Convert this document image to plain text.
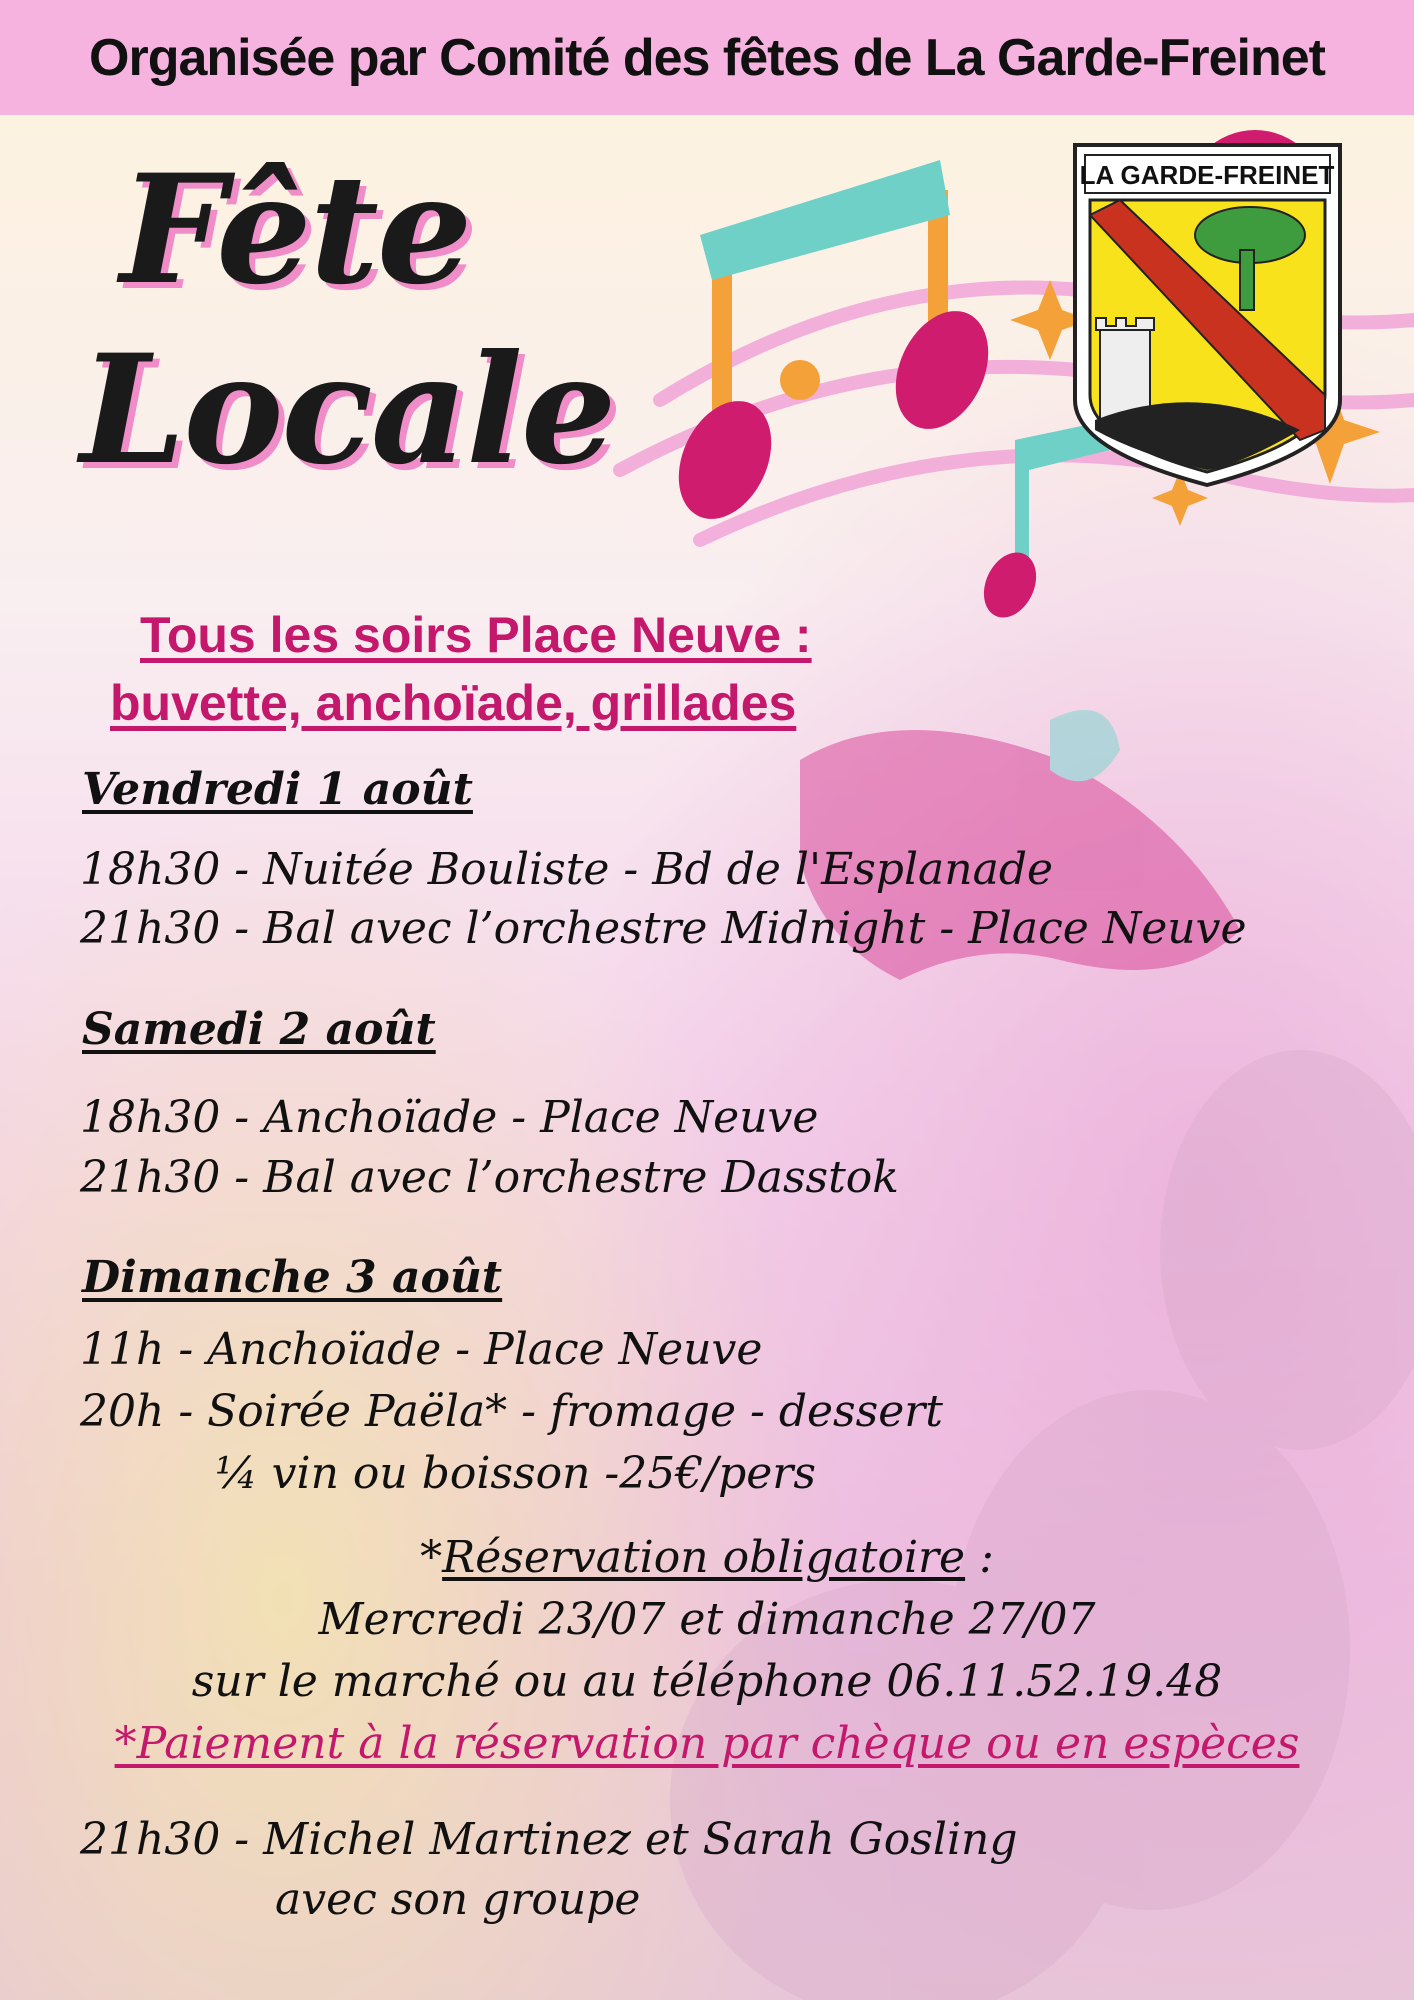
Organisée par Comité des fêtes de La Garde-Freinet
LA GARDE-FREINET
Fête
Locale
Tous les soirs Place Neuve :
buvette, anchoïade, grillades
Vendredi 1 août
18h30 - Nuitée Bouliste - Bd de l'Esplanade
21h30 - Bal avec l’orchestre Midnight - Place Neuve
Samedi 2 août
18h30 - Anchoïade - Place Neuve
21h30 - Bal avec l’orchestre Dasstok
Dimanche 3 août
11h - Anchoïade - Place Neuve
20h - Soirée Paëla* - fromage - dessert
¼ vin ou boisson -25€/pers
*Réservation obligatoire :
Mercredi 23/07 et dimanche 27/07
sur le marché ou au téléphone 06.11.52.19.48
*Paiement à la réservation par chèque ou en espèces
21h30 - Michel Martinez et Sarah Gosling
avec son groupe
